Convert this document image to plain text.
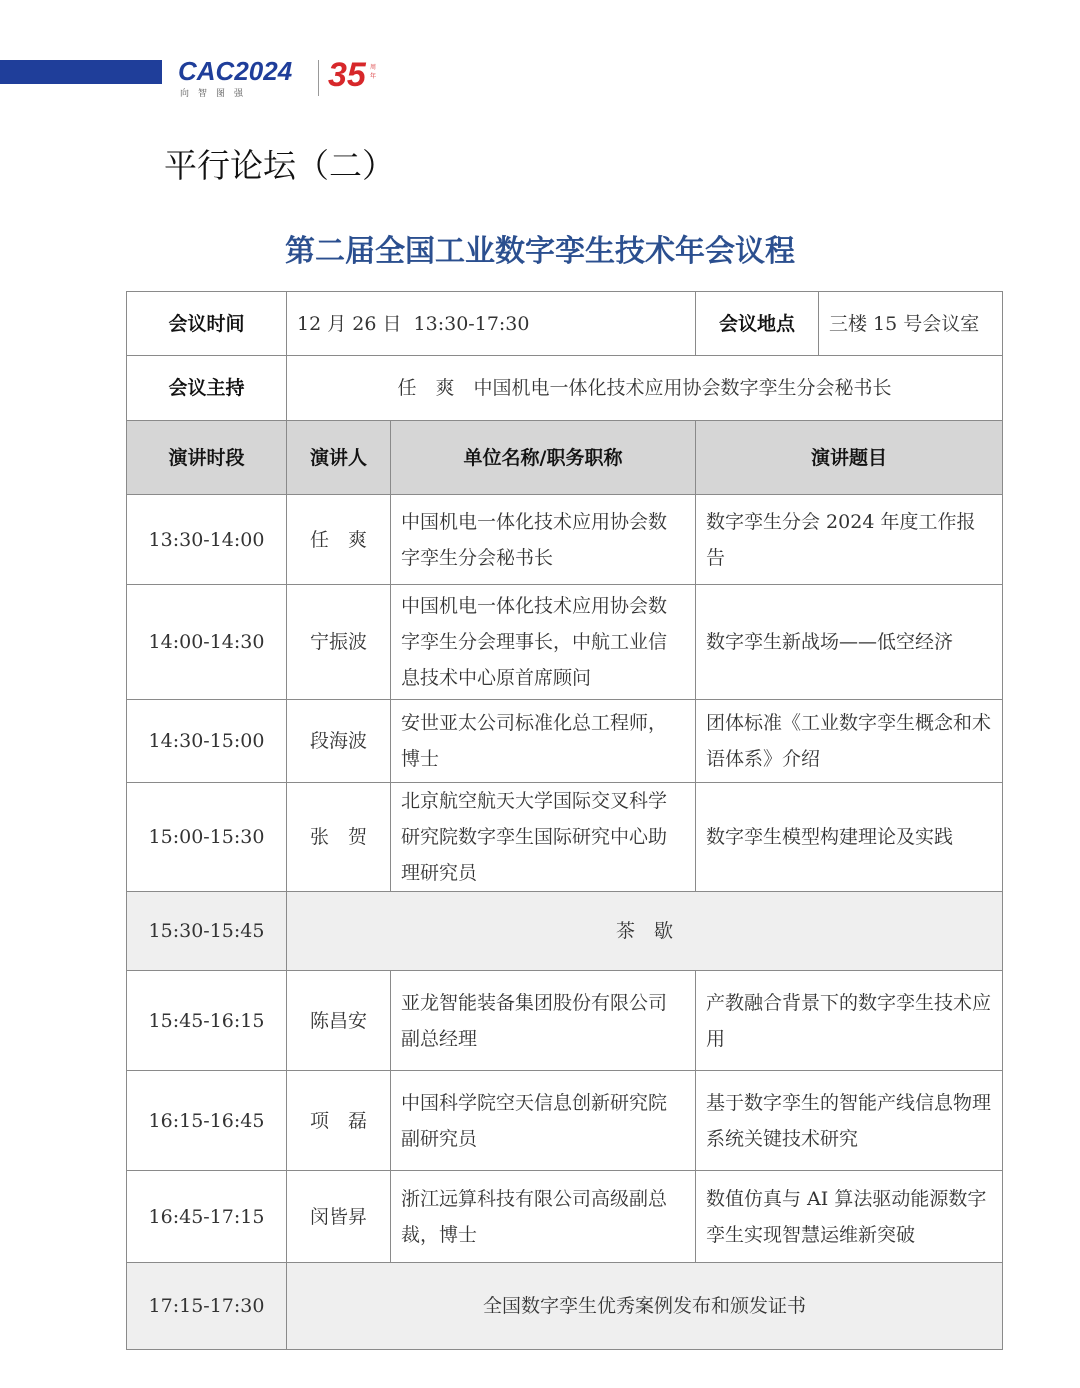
CAC2024
向智图强 35 周年
平行论坛（二）
第二届全国工业数字孪生技术年会议程
会议时间	12 月 26 日  13:30-17:30		会议地点	三楼 15 号会议室
会议主持	任　爽　中国机电一体化技术应用协会数字孪生分会秘书长			
演讲时段	演讲人	单位名称/职务职称	演讲题目	
13:30-14:00	任　爽	中国机电一体化技术应用协会数字孪生分会秘书长	数字孪生分会 2024 年度工作报告	
14:00-14:30	宁振波	中国机电一体化技术应用协会数字孪生分会理事长，中航工业信息技术中心原首席顾问	数字孪生新战场——低空经济	
14:30-15:00	段海波	安世亚太公司标准化总工程师，博士	团体标准《工业数字孪生概念和术语体系》介绍	
15:00-15:30	张　贺	北京航空航天大学国际交叉科学研究院数字孪生国际研究中心助理研究员	数字孪生模型构建理论及实践	
15:30-15:45	茶　歇			
15:45-16:15	陈昌安	亚龙智能装备集团股份有限公司副总经理	产教融合背景下的数字孪生技术应用	
16:15-16:45	项　磊	中国科学院空天信息创新研究院副研究员	基于数字孪生的智能产线信息物理系统关键技术研究	
16:45-17:15	闵皆昇	浙江远算科技有限公司高级副总裁，博士	数值仿真与 AI 算法驱动能源数字孪生实现智慧运维新突破	
17:15-17:30	全国数字孪生优秀案例发布和颁发证书			
